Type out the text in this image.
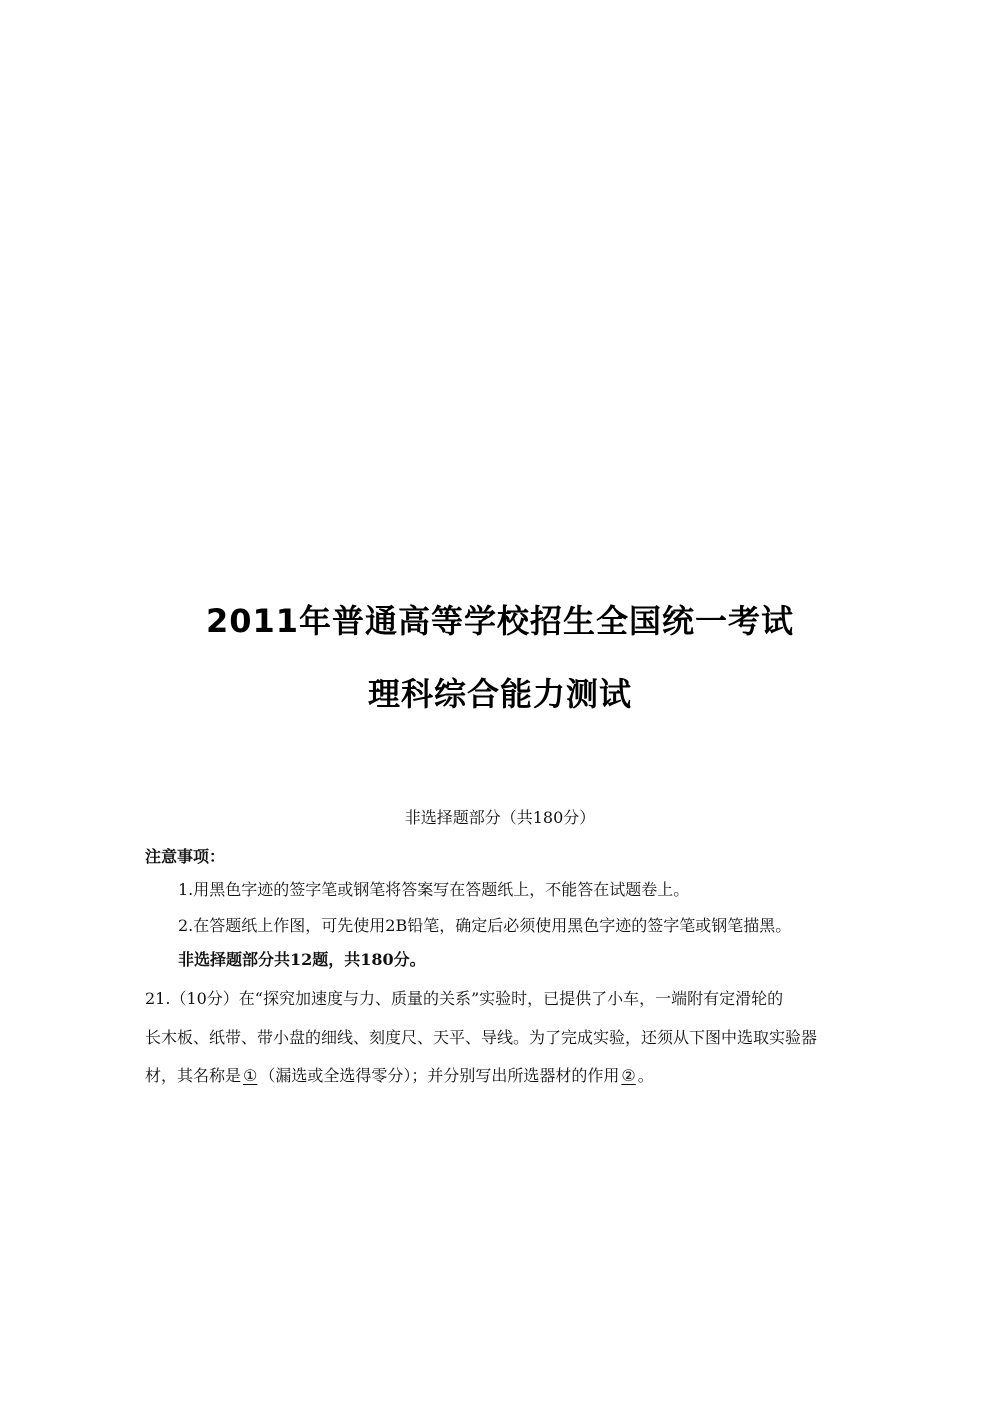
2011年普通高等学校招生全国统一考试
理科综合能力测试
非选择题部分（共180分）
注意事项：
1.用黑色字迹的签字笔或钢笔将答案写在答题纸上，不能答在试题卷上。
2.在答题纸上作图，可先使用2B铅笔，确定后必须使用黑色字迹的签字笔或钢笔描黑。
非选择题部分共12题，共180分。
21.（10分）在“探究加速度与力、质量的关系”实验时，已提供了小车，一端附有定滑轮的
长木板、纸带、带小盘的细线、刻度尺、天平、导线。为了完成实验，还须从下图中选取实验器
材，其名称是①（漏选或全选得零分）；并分别写出所选器材的作用②。
